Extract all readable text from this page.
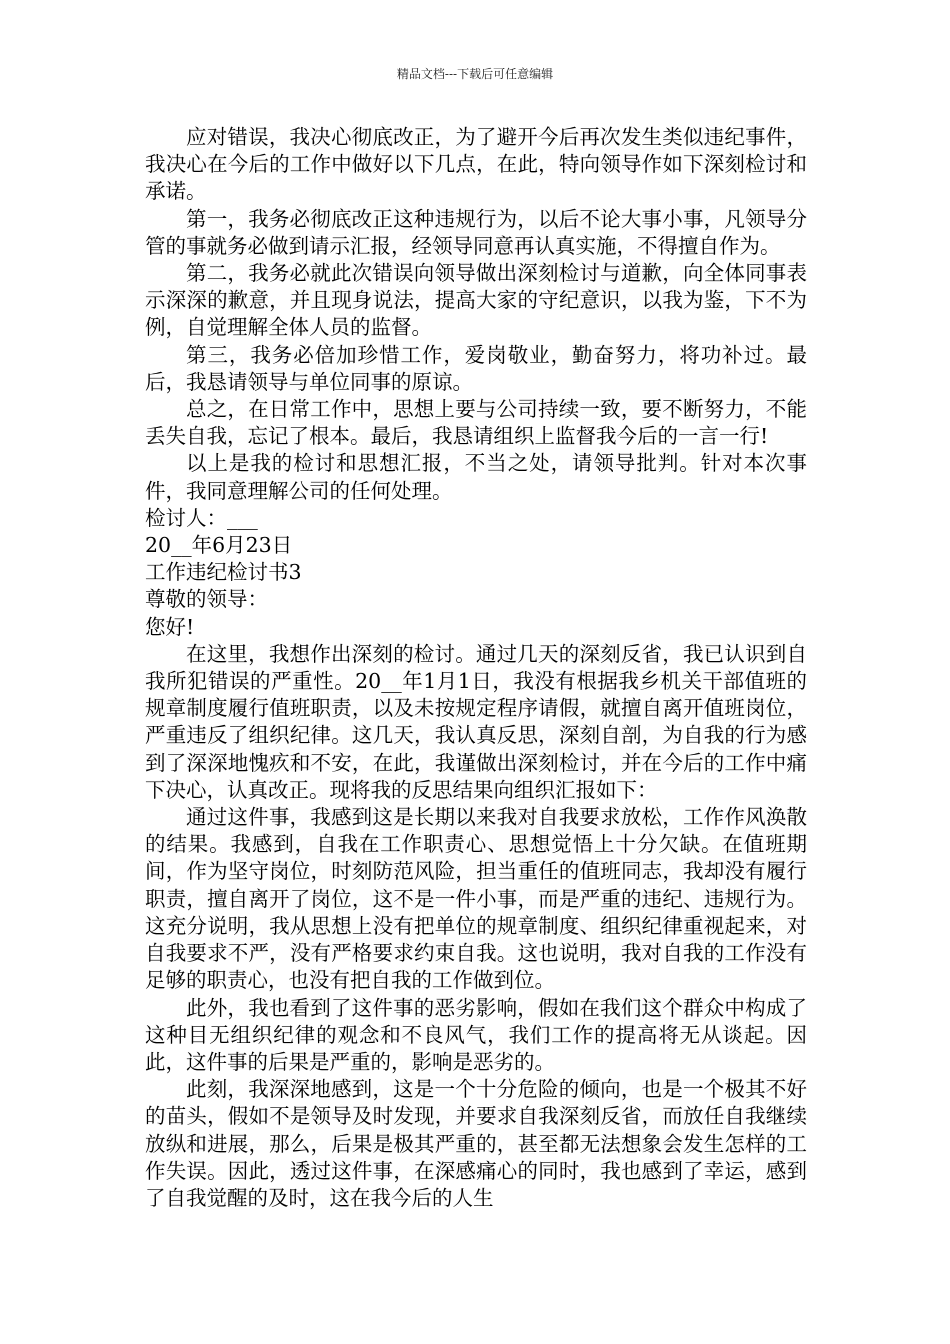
精品文档---下载后可任意编辑

应对错误，我决心彻底改正，为了避开今后再次发生类似违纪事件，我决心在今后的工作中做好以下几点，在此，特向领导作如下深刻检讨和承诺。

第一，我务必彻底改正这种违规行为，以后不论大事小事，凡领导分管的事就务必做到请示汇报，经领导同意再认真实施，不得擅自作为。

第二，我务必就此次错误向领导做出深刻检讨与道歉，向全体同事表示深深的歉意，并且现身说法，提高大家的守纪意识，以我为鉴，下不为例，自觉理解全体人员的监督。

第三，我务必倍加珍惜工作，爱岗敬业，勤奋努力，将功补过。最后，我恳请领导与单位同事的原谅。

总之，在日常工作中，思想上要与公司持续一致，要不断努力，不能丢失自我，忘记了根本。最后，我恳请组织上监督我今后的一言一行!

以上是我的检讨和思想汇报，不当之处，请领导批判。针对本次事件，我同意理解公司的任何处理。

检讨人：___

20__年6月23日

工作违纪检讨书3

尊敬的领导：

您好!

在这里，我想作出深刻的检讨。通过几天的深刻反省，我已认识到自我所犯错误的严重性。20__年1月1日，我没有根据我乡机关干部值班的规章制度履行值班职责，以及未按规定程序请假，就擅自离开值班岗位，严重违反了组织纪律。这几天，我认真反思，深刻自剖，为自我的行为感到了深深地愧疚和不安，在此，我谨做出深刻检讨，并在今后的工作中痛下决心，认真改正。现将我的反思结果向组织汇报如下：

通过这件事，我感到这是长期以来我对自我要求放松，工作作风涣散的结果。我感到，自我在工作职责心、思想觉悟上十分欠缺。在值班期间，作为坚守岗位，时刻防范风险，担当重任的值班同志，我却没有履行职责，擅自离开了岗位，这不是一件小事，而是严重的违纪、违规行为。这充分说明，我从思想上没有把单位的规章制度、组织纪律重视起来，对自我要求不严，没有严格要求约束自我。这也说明，我对自我的工作没有足够的职责心，也没有把自我的工作做到位。

此外，我也看到了这件事的恶劣影响，假如在我们这个群众中构成了这种目无组织纪律的观念和不良风气，我们工作的提高将无从谈起。因此，这件事的后果是严重的，影响是恶劣的。

此刻，我深深地感到，这是一个十分危险的倾向，也是一个极其不好的苗头，假如不是领导及时发现，并要求自我深刻反省，而放任自我继续放纵和进展，那么，后果是极其严重的，甚至都无法想象会发生怎样的工作失误。因此，透过这件事，在深感痛心的同时，我也感到了幸运，感到了自我觉醒的及时，这在我今后的人生
